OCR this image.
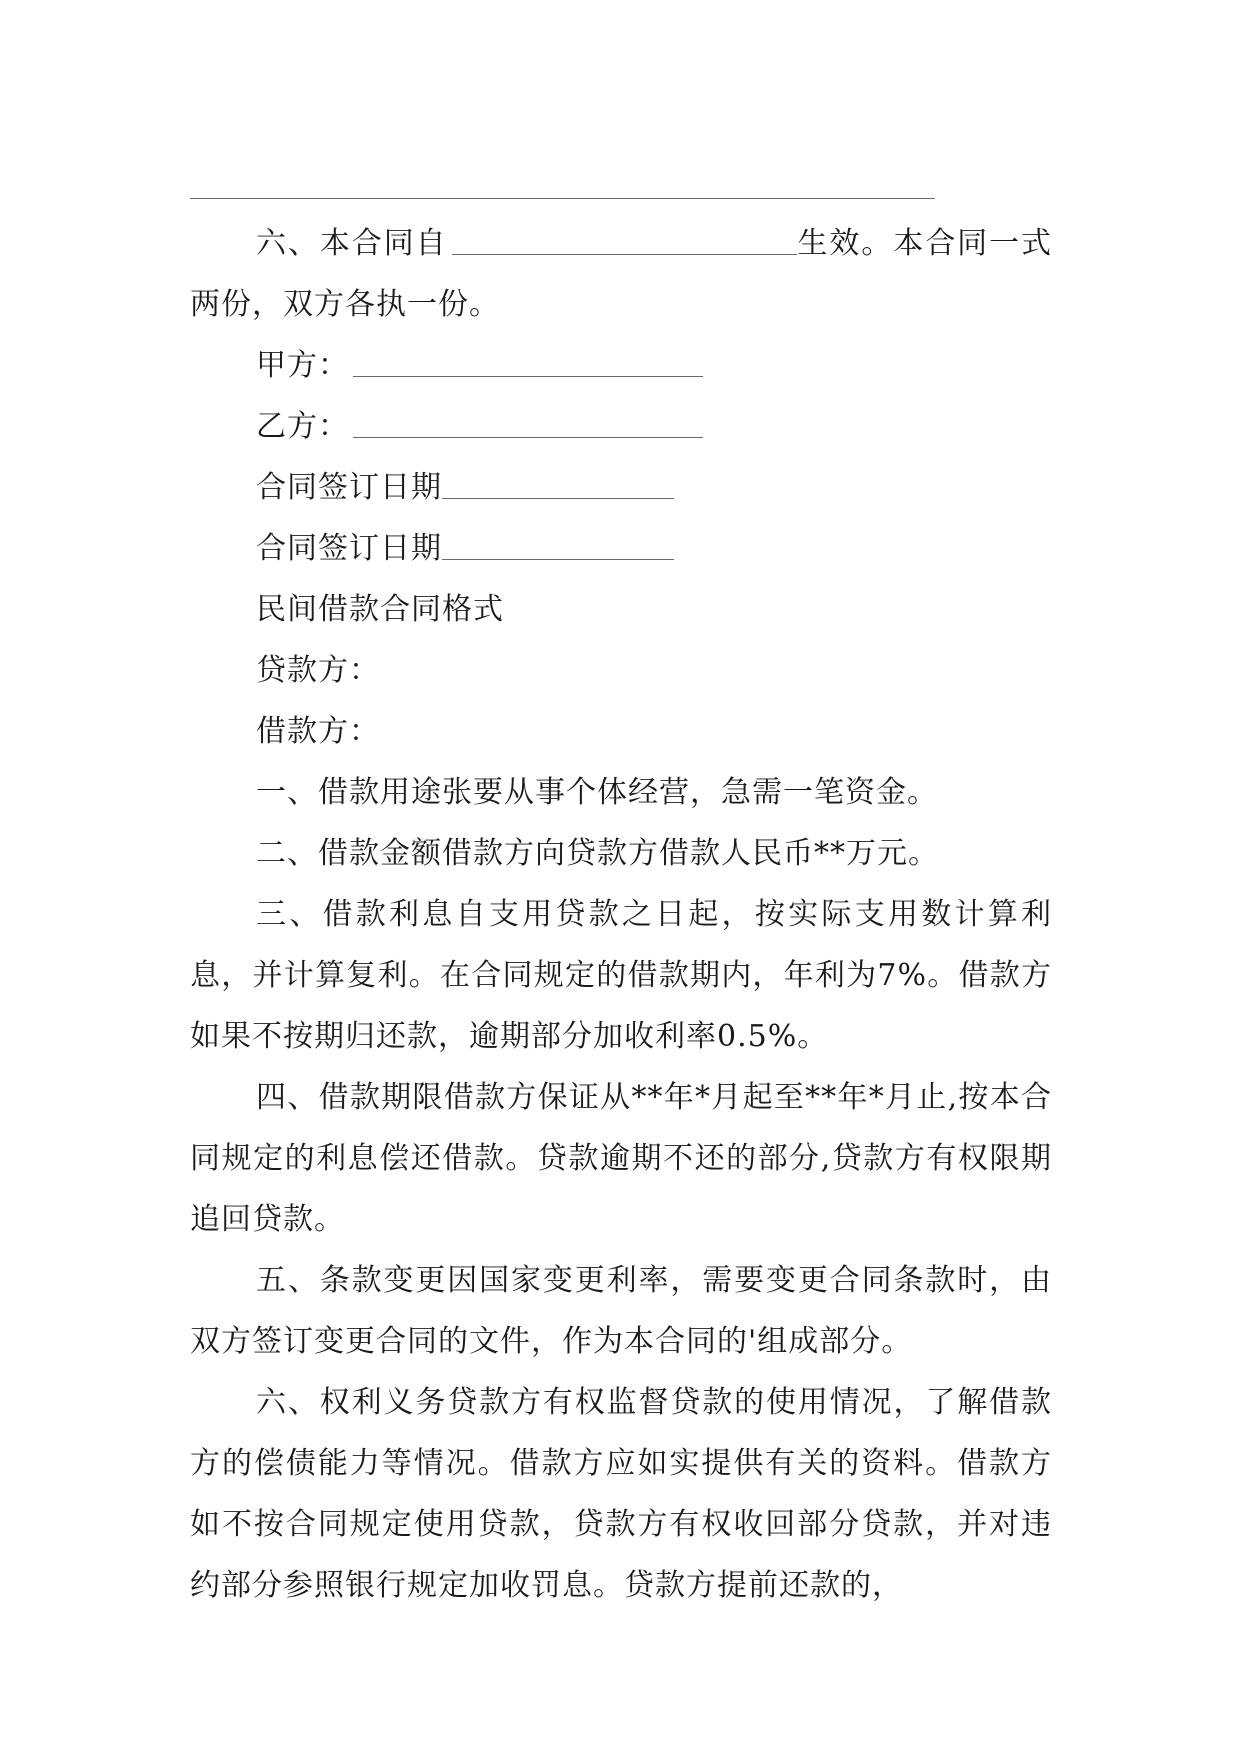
六、本合同自	生效。本合同一式两份，双方各执一份。

甲方：

乙方：

合同签订日期

合同签订日期

民间借款合同格式

贷款方：

借款方：

一、借款用途张要从事个体经营，急需一笔资金。

二、借款金额借款方向贷款方借款人民币**万元。

三、借款利息自支用贷款之日起，按实际支用数计算利息，并计算复利。在合同规定的借款期内，年利为7%。借款方如果不按期归还款，逾期部分加收利率0.5%。

四、借款期限借款方保证从**年*月起至**年*月止,按本合同规定的利息偿还借款。贷款逾期不还的部分,贷款方有权限期追回贷款。

五、条款变更因国家变更利率，需要变更合同条款时，由双方签订变更合同的文件，作为本合同的'组成部分。

六、权利义务贷款方有权监督贷款的使用情况，了解借款方的偿债能力等情况。借款方应如实提供有关的资料。借款方如不按合同规定使用贷款，贷款方有权收回部分贷款，并对违约部分参照银行规定加收罚息。贷款方提前还款的，
